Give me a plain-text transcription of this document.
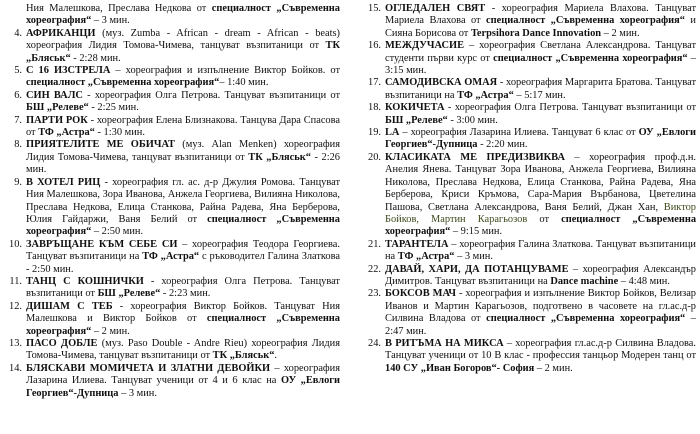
Ния Малешкова, Преслава Недкова от специалност „Съвременна хореография“ – 3 мин.

4. АФРИКАНЦИ (муз. Zumba - African - dream - African - beats) хореография Лидия Томова-Чимева, танцуват възпитаници от ТК „Бляськ“ - 2:28 мин.

5. С 16 ИЗСТРЕЛА – хореография и изпълнение Виктор Бойков. от специалност „Съвременна хореография“– 1:40 мин.

6. СИН ВАЛС - хореография Олга Петрова. Танцуват възпитаници от БШ „Релеве“ - 2:25 мин.

7. ПАРТИ РОК - хореография Елена Близнакова. Танцува Дара Спасова от ТФ „Астра“ - 1:30 мин.

8. ПРИЯТЕЛИТЕ МЕ ОБИЧАТ (муз. Alan Menken) хореография Лидия Томова-Чимева, танцуват възпитаници от ТК „Бляськ“ - 2:26 мин.

9. В ХОТЕЛ РИЦ - хореография гл. ас. д-р Джулия Ромова. Танцуват Ния Малешкова, Зора Иванова, Анжела Георгиева, Вилияна Николова, Преслава Недкова, Елица Станкова, Райна Радева, Яна Берберова, Юлия Гайдаржи, Ваня Белий от специалност „Съвременна хореография“ – 2:50 мин.

10. ЗАВРЪЩАНЕ КЪМ СЕБЕ СИ – хореография Теодора Георгиева. Танцуват възпитаници на ТФ „Астра“ с ръководител Галина Златкова - 2:50 мин.

11. ТАНЦ С КОШНИЧКИ - хореография Олга Петрова. Танцуват възпитаници от БШ „Релеве“ - 2:23 мин.

12. ДИШАМ С ТЕБ - хореография Виктор Бойков. Танцуват Ния Малешкова и Виктор Бойков от специалност „Съвременна хореография“ – 2 мин.

13. ПАСО ДОБЛЕ (муз. Paso Double - Andre Rieu) хореография Лидия Томова-Чимева, танцуват възпитаници от ТК „Бляськ“.

14. БЛЯСКАВИ МОМИЧЕТА И ЗЛАТНИ ДЕВОЙКИ – хореография Лазарина Илиева. Танцуват ученици от 4 и 6 клас на ОУ „Евлоги Георгиев“-Дупница – 3 мин.

15. ОГЛЕДАЛЕН СВЯТ - хореография Мариела Влахова. Танцуват Мариела Влахова от специалност „Съвременна хореография“ и Сияна Борисова от Terpsihora Dance Innovation – 2 мин.

16. МЕЖДУЧАСИЕ – хореография Светлана Александрова. Танцуват студенти първи курс от специалност „Съвременна хореография“ – 3:15 мин.

17. САМОДИВСКА ОМАЯ - хореография Маргарита Братова. Танцуват възпитаници на ТФ „Астра“ – 5:17 мин.

18. КОКИЧЕТА - хореография Олга Петрова. Танцуват възпитаници от БШ „Релеве“ - 3:00 мин.

19. LA – хореография Лазарина Илиева. Танцуват 6 клас от ОУ „Евлоги Георгиев“-Дупница - 2:20 мин.

20. КЛАСИКАТА МЕ ПРЕДИЗВИКВА – хореография проф.д.н. Анелия Янева. Танцуват Зора Иванова, Анжела Георгиева, Вилияна Николова, Преслава Недкова, Елица Станкова, Райна Радева, Яна Берберова, Криси Кръмова, Сара-Мария Върбанова, Цветелина Пашова, Светлана Александрова, Ваня Белий, Джан Хан, Виктор Бойков, Мартин Карагьозов от специалност „Съвременна хореография“ – 9:15 мин.

21. ТАРАНТЕЛА – хореография Галина Златкова. Танцуват възпитаници на ТФ „Астра“ – 3 мин.

22. ДАВАЙ, ХАРИ, ДА ПОТАНЦУВАМЕ – хореография Александър Димитров. Танцуват възпитаници на Dance machine – 4:48 мин.

23. БОКСОВ МАЧ - хореография и изпълнение Виктор Бойков, Велизар Иванов и Мартин Карагьозов, подготвено в часовете на гл.ас.д-р Силвина Владова от специалност „Съвременна хореография“ – 2:47 мин.

24. В РИТЪМА НА МИКСА – хореография гл.ас.д-р Силвина Владова. Танцуват ученици от 10 В клас - профессия танцьор Модерен танц от 140 СУ „Иван Богоров“- София – 2 мин.
